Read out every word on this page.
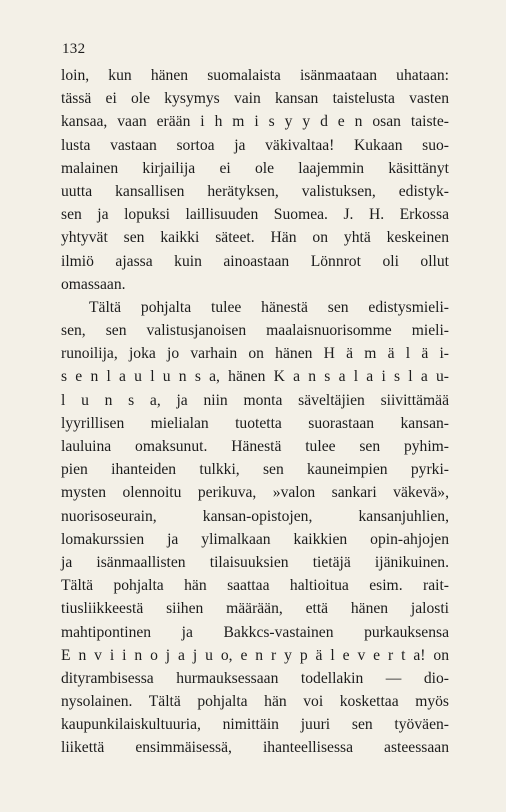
132
loin, kun hänen suomalaista isänmaataan uhataan:
tässä ei ole kysymys vain kansan taistelusta vasten
kansaa, vaan erään i h m i s y y d e n osan taiste-
lusta vastaan sortoa ja väkivaltaa! Kukaan suo-
malainen kirjailija ei ole laajemmin käsittänyt
uutta kansallisen herätyksen, valistuksen, edistyk-
sen ja lopuksi laillisuuden Suomea. J. H. Erkossa
yhtyvät sen kaikki säteet. Hän on yhtä keskeinen
ilmiö ajassa kuin ainoastaan Lönnrot oli ollut
omassaan.
Tältä pohjalta tulee hänestä sen edistysmieli-
sen, sen valistusjanoisen maalaisnuorisomme mieli-
runoilija, joka jo varhain on hänen H ä m ä l ä i-
s e n l a u l u n s a, hänen K a n s a l a i s l a u-
l u n s a, ja niin monta säveltäjien siivittämää
lyyrillisen mielialan tuotetta suorastaan kansan-
lauluina omaksunut. Hänestä tulee sen pyhim-
pien ihanteiden tulkki, sen kauneimpien pyrki-
mysten olennoitu perikuva, »valon sankari väkevä»,
nuorisoseurain, kansan-opistojen, kansanjuhlien,
lomakurssien ja ylimalkaan kaikkien opin-ahjojen
ja isänmaallisten tilaisuuksien tietäjä ijänikuinen.
Tältä pohjalta hän saattaa haltioitua esim. rait-
tiusliikkeestä siihen määrään, että hänen jalosti
mahtipontinen ja Bakkcs-vastainen purkauksensa
E n v i i n o j a j u o, e n r y p ä l e v e r t a! on
dityrambisessa hurmauksessaan todellakin — dio-
nysolainen. Tältä pohjalta hän voi koskettaa myös
kaupunkilaiskultuuria, nimittäin juuri sen työväen-
liikettä ensimmäisessä, ihanteellisessa asteessaan
